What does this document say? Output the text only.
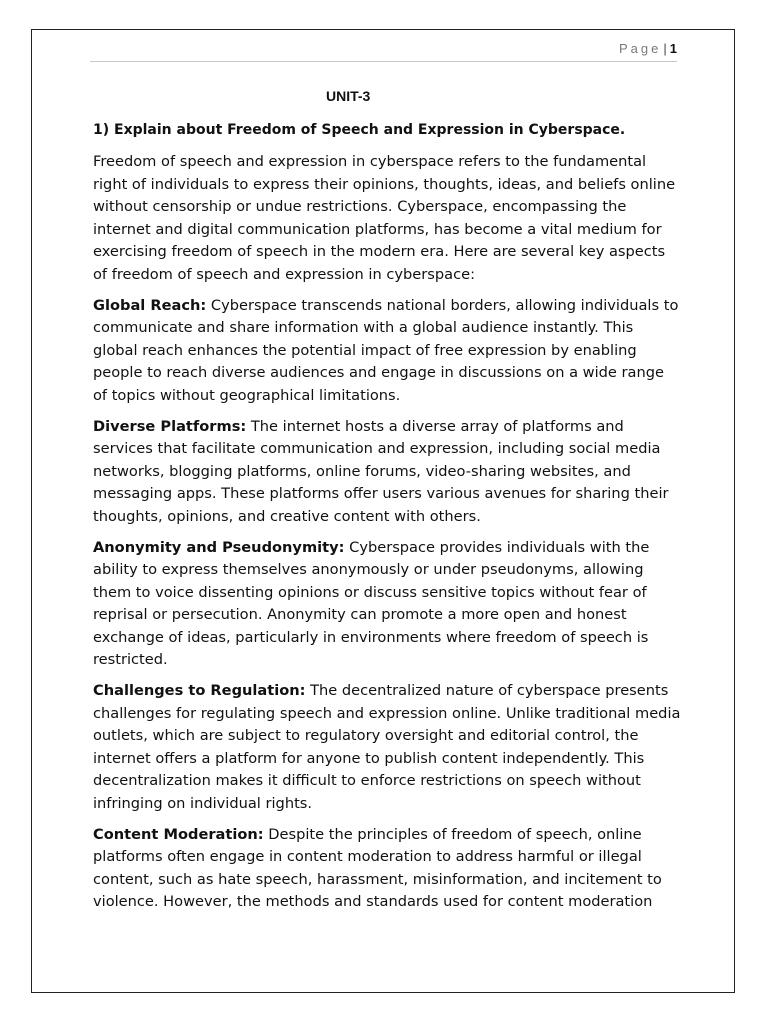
Page | 1
UNIT-3
1) Explain about Freedom of Speech and Expression in Cyberspace.

Freedom of speech and expression in cyberspace refers to the fundamental right of individuals to express their opinions, thoughts, ideas, and beliefs online without censorship or undue restrictions. Cyberspace, encompassing the internet and digital communication platforms, has become a vital medium for exercising freedom of speech in the modern era. Here are several key aspects of freedom of speech and expression in cyberspace:

Global Reach: Cyberspace transcends national borders, allowing individuals to communicate and share information with a global audience instantly. This global reach enhances the potential impact of free expression by enabling people to reach diverse audiences and engage in discussions on a wide range of topics without geographical limitations.

Diverse Platforms: The internet hosts a diverse array of platforms and services that facilitate communication and expression, including social media networks, blogging platforms, online forums, video-sharing websites, and messaging apps. These platforms offer users various avenues for sharing their thoughts, opinions, and creative content with others.

Anonymity and Pseudonymity: Cyberspace provides individuals with the ability to express themselves anonymously or under pseudonyms, allowing them to voice dissenting opinions or discuss sensitive topics without fear of reprisal or persecution. Anonymity can promote a more open and honest exchange of ideas, particularly in environments where freedom of speech is restricted.

Challenges to Regulation: The decentralized nature of cyberspace presents challenges for regulating speech and expression online. Unlike traditional media outlets, which are subject to regulatory oversight and editorial control, the internet offers a platform for anyone to publish content independently. This decentralization makes it difficult to enforce restrictions on speech without infringing on individual rights.

Content Moderation: Despite the principles of freedom of speech, online platforms often engage in content moderation to address harmful or illegal content, such as hate speech, harassment, misinformation, and incitement to violence. However, the methods and standards used for content moderation
